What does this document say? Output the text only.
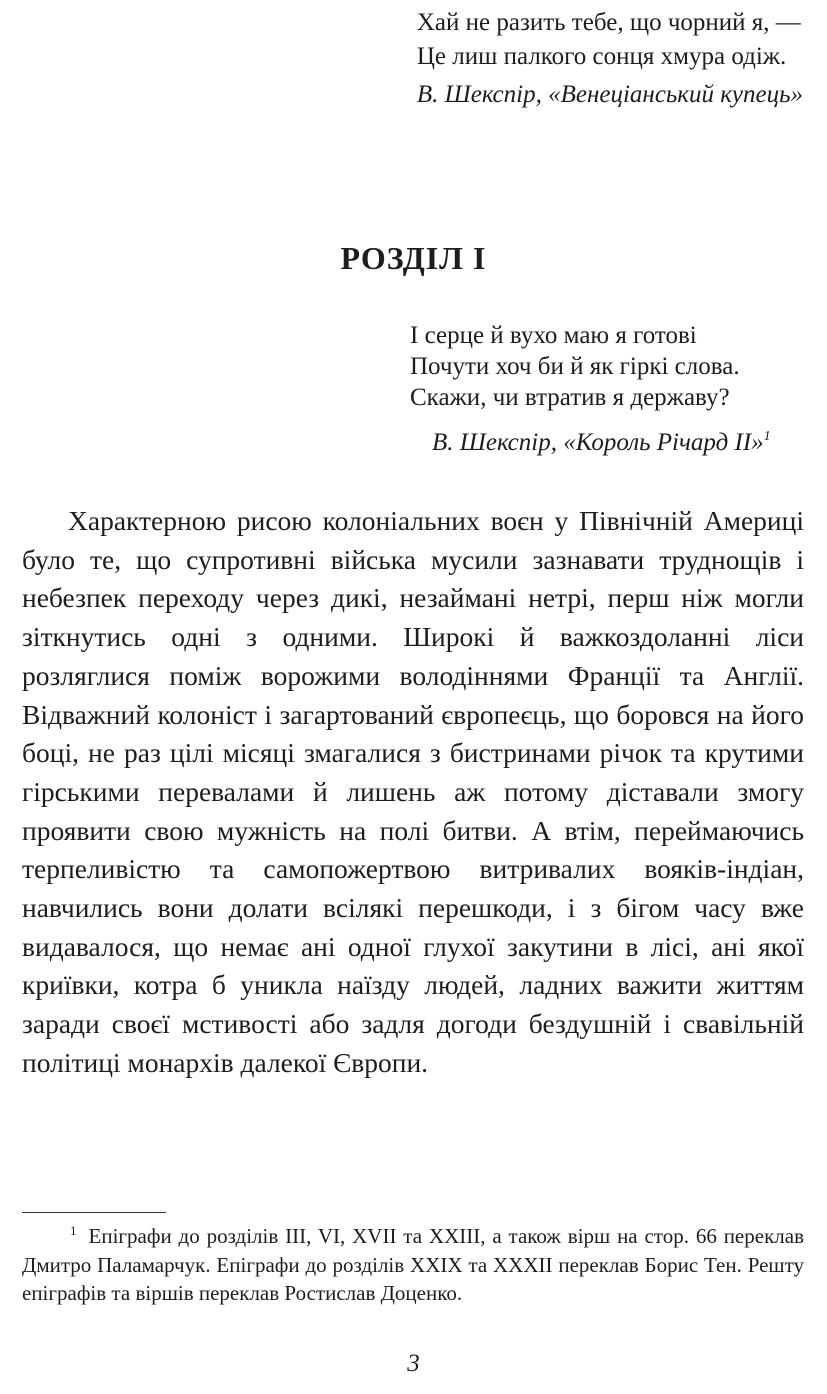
Хай не разить тебе, що чорний я, —
Це лиш палкого сонця хмура одіж.
В. Шекспір, «Венеціанський купець»
РОЗДІЛ І
І серце й вухо маю я готові
Почути хоч би й як гіркі слова.
Скажи, чи втратив я державу?
В. Шекспір, «Король Річард ІІ»$^1$

Характерною рисою колоніальних воєн у Північній Америці було те, що супротивні війська мусили зазнавати труднощів і небезпек переходу через дикі, незаймані нетрі, перш ніж могли зіткнутись одні з одними. Широкі й важкоздоланні ліси розляглися поміж ворожими володіннями Франції та Англії. Відважний колоніст і загартований європеєць, що боровся на його боці, не раз цілі місяці змагалися з бистринами річок та крутими гірськими перевалами й лишень аж потому діставали змогу проявити свою мужність на полі битви. А втім, переймаючись терпеливістю та самопожертвою витривалих вояків-індіан, навчились вони долати всілякі перешкоди, і з бігом часу вже видавалося, що немає ані одної глухої закутини в лісі, ані якої криївки, котра б уникла наїзду людей, ладних важити життям заради своєї мстивості або задля догоди бездушній і свавільній політиці монархів далекої Європи.

$^1$ Епіграфи до розділів III, VI, XVII та XXIII, а також вірш на стор. 66 переклав Дмитро Паламарчук. Епіграфи до розділів XXIX та XXXII переклав Борис Тен. Решту епіграфів та віршів переклав Ростислав Доценко.

3
